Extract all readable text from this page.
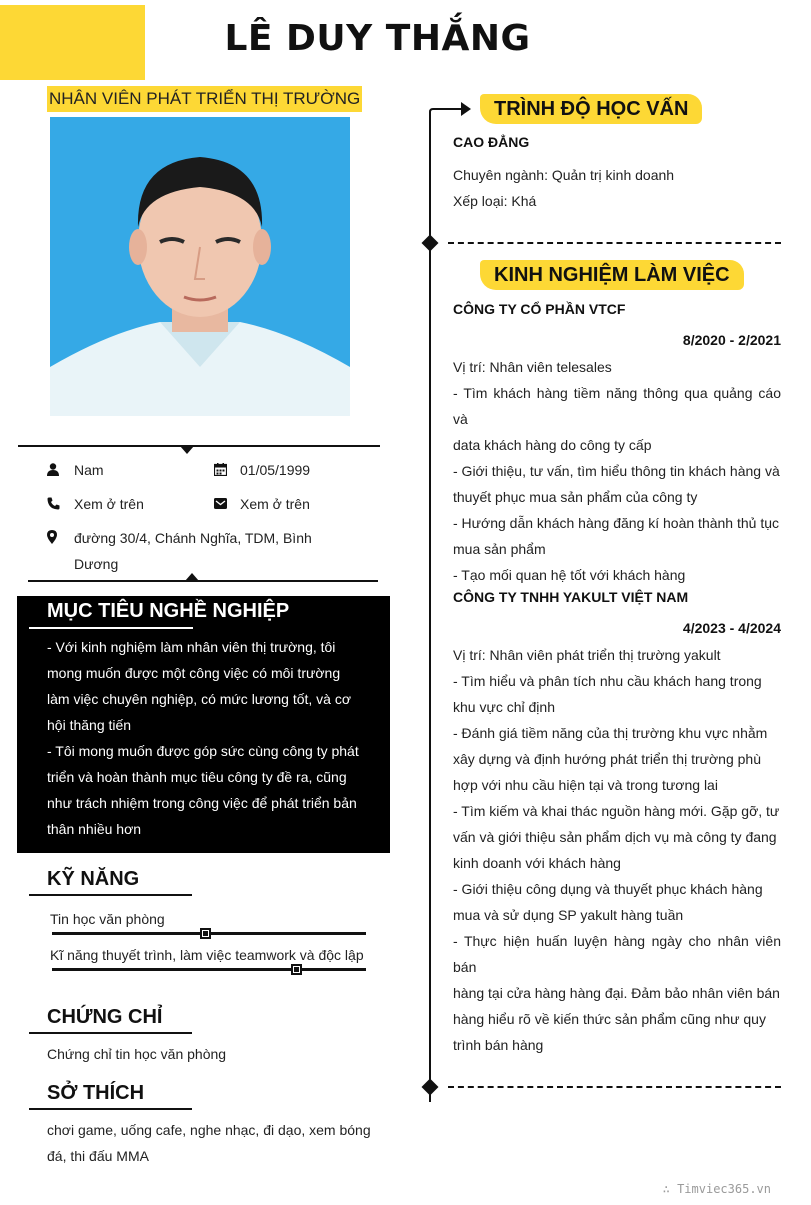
LÊ DUY THẮNG
NHÂN VIÊN PHÁT TRIỂN THỊ TRƯỜNG
Nam	01/05/1999
Xem ở trên	Xem ở trên
đường 30/4, Chánh Nghĩa, TDM, Bình
Dương
MỤC TIÊU NGHỀ NGHIỆP
- Với kinh nghiệm làm nhân viên thị trường, tôi
mong muốn được một công việc có môi trường
làm việc chuyên nghiệp, có mức lương tốt, và cơ
hội thăng tiến
- Tôi mong muốn được góp sức cùng công ty phát
triển và hoàn thành mục tiêu công ty đề ra, cũng
như trách nhiệm trong công việc để phát triển bản
thân nhiều hơn
KỸ NĂNG
Tin học văn phòng
Kĩ năng thuyết trình, làm việc teamwork và độc lập
CHỨNG CHỈ
Chứng chỉ tin học văn phòng
SỞ THÍCH
chơi game, uống cafe, nghe nhạc, đi dạo, xem bóng
đá, thi đấu MMA
TRÌNH ĐỘ HỌC VẤN
CAO ĐẲNG
Chuyên ngành: Quản trị kinh doanh
Xếp loại: Khá
KINH NGHIỆM LÀM VIỆC
CÔNG TY CỔ PHẦN VTCF
8/2020 - 2/2021
Vị trí: Nhân viên telesales
- Tìm khách hàng tiềm năng thông qua quảng cáo và
data khách hàng do công ty cấp
- Giới thiệu, tư vấn, tìm hiểu thông tin khách hàng và
thuyết phục mua sản phẩm của công ty
- Hướng dẫn khách hàng đăng kí hoàn thành thủ tục
mua sản phẩm
- Tạo mối quan hệ tốt với khách hàng
CÔNG TY TNHH YAKULT VIỆT NAM
4/2023 - 4/2024
Vị trí: Nhân viên phát triển thị trường yakult
- Tìm hiểu và phân tích nhu cầu khách hang trong
khu vực chỉ định
- Đánh giá tiềm năng của thị trường khu vực nhằm
xây dựng và định hướng phát triển thị trường phù
hợp với nhu cầu hiện tại và trong tương lai
- Tìm kiếm và khai thác nguồn hàng mới. Gặp gỡ, tư
vấn và giới thiệu sản phẩm dịch vụ mà công ty đang
kinh doanh với khách hàng
- Giới thiệu công dụng và thuyết phục khách hàng
mua và sử dụng SP yakult hàng tuần
- Thực hiện huấn luyện hàng ngày cho nhân viên bán
hàng tại cửa hàng hàng đại. Đảm bảo nhân viên bán
hàng hiểu rõ về kiến thức sản phẩm cũng như quy
trình bán hàng
∴ Timviec365.vn
